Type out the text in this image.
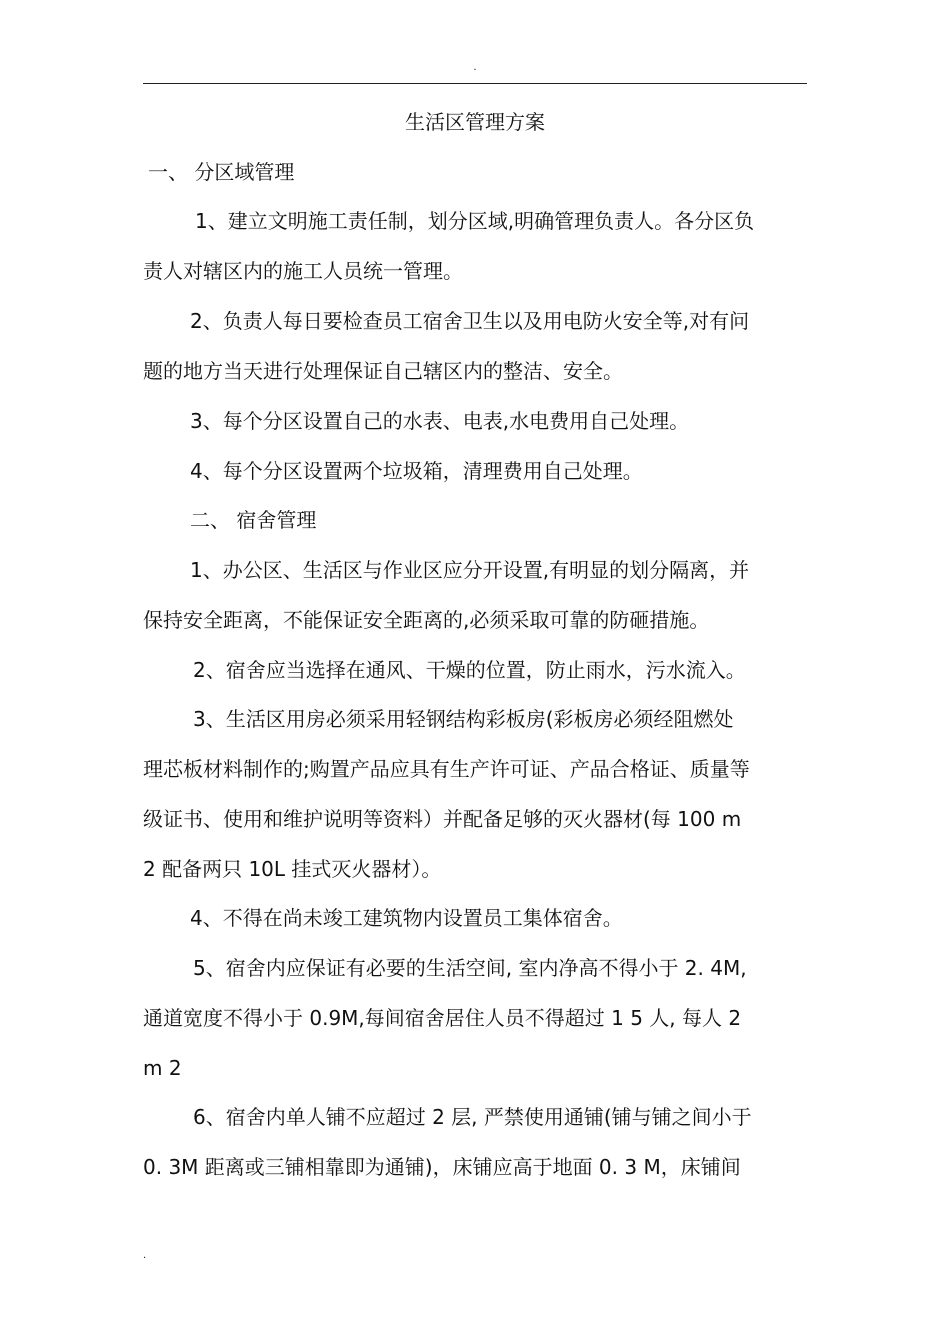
.
生活区管理方案
一、 分区域管理
1、建立文明施工责任制，划分区域,明确管理负责人。各分区负
责人对辖区内的施工人员统一管理。
2、负责人每日要检查员工宿舍卫生以及用电防火安全等,对有问
题的地方当天进行处理保证自己辖区内的整洁、安全。
3、每个分区设置自己的水表、电表,水电费用自己处理。
4、每个分区设置两个垃圾箱，清理费用自己处理。
二、 宿舍管理
1、办公区、生活区与作业区应分开设置,有明显的划分隔离，并
保持安全距离，不能保证安全距离的,必须采取可靠的防砸措施。
2、宿舍应当选择在通风、干燥的位置，防止雨水，污水流入。
3、生活区用房必须采用轻钢结构彩板房(彩板房必须经阻燃处
理芯板材料制作的;购置产品应具有生产许可证、产品合格证、质量等
级证书、使用和维护说明等资料）并配备足够的灭火器材(每 100 m
2 配备两只 10L 挂式灭火器材）。
4、不得在尚未竣工建筑物内设置员工集体宿舍。
5、宿舍内应保证有必要的生活空间, 室内净高不得小于 2. 4M,
通道宽度不得小于 0.9M,每间宿舍居住人员不得超过 1 5 人, 每人 2
m 2
6、宿舍内单人铺不应超过 2 层, 严禁使用通铺(铺与铺之间小于
0. 3M 距离或三铺相靠即为通铺)，床铺应高于地面 0. 3 M，床铺间
.
